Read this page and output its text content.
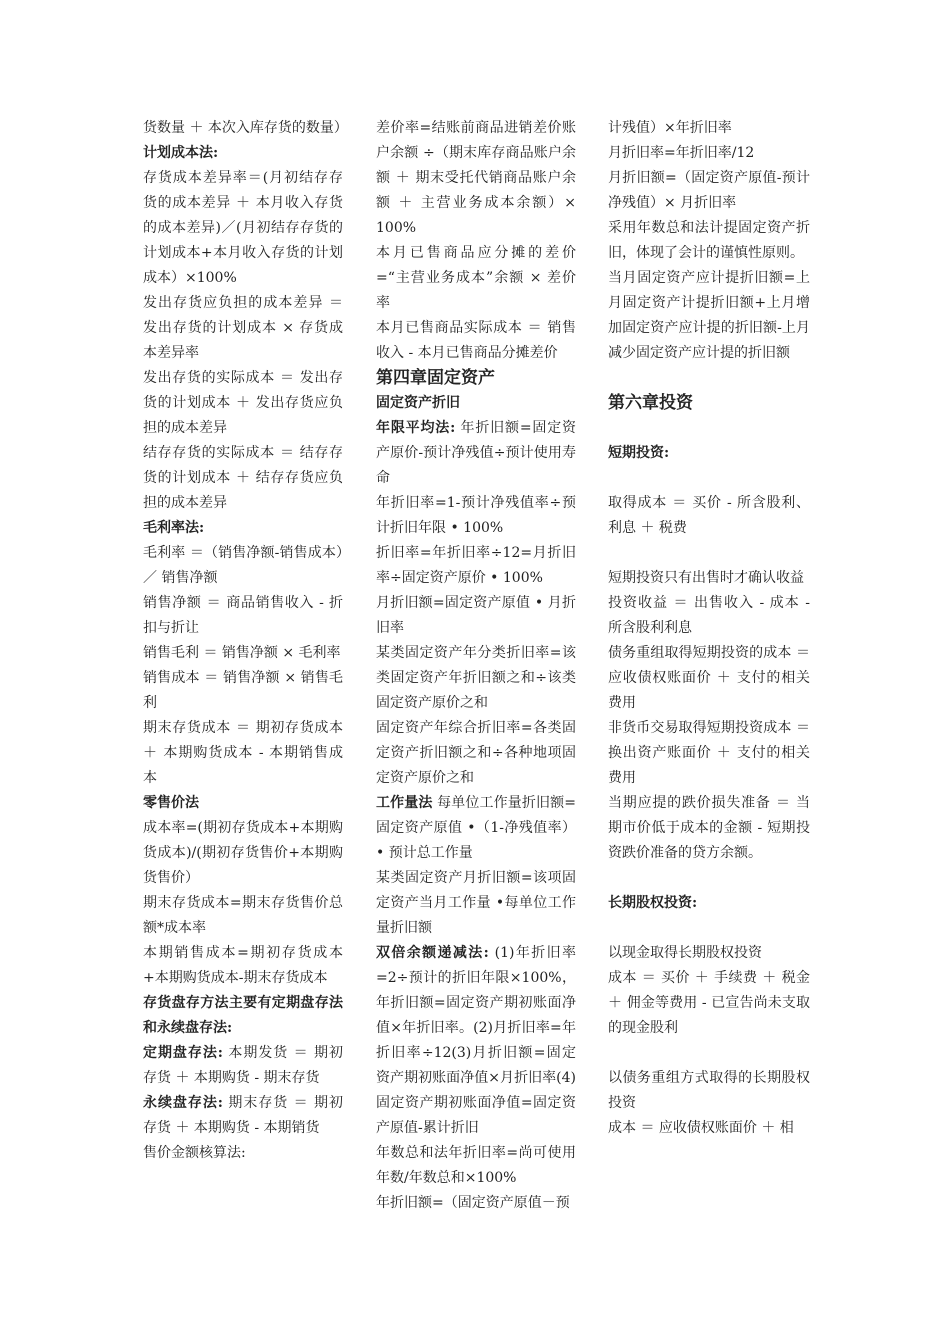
货数量 ＋ 本次入库存货的数量）

计划成本法:

存货成本差异率＝(月初结存存货的成本差异 ＋ 本月收入存货的成本差异)／(月初结存存货的计划成本+本月收入存货的计划成本）×100%

发出存货应负担的成本差异 ＝ 发出存货的计划成本 × 存货成本差异率

发出存货的实际成本 ＝ 发出存货的计划成本 ＋ 发出存货应负担的成本差异

结存存货的实际成本 ＝ 结存存货的计划成本 ＋ 结存存货应负担的成本差异

毛利率法:

毛利率 ＝（销售净额-销售成本）／ 销售净额

销售净额 ＝ 商品销售收入 - 折扣与折让

销售毛利 ＝ 销售净额 × 毛利率

销售成本 ＝ 销售净额 × 销售毛利

期末存货成本 ＝ 期初存货成本 ＋ 本期购货成本 - 本期销售成本

零售价法

成本率=(期初存货成本+本期购货成本)/(期初存货售价+本期购货售价）

期末存货成本=期末存货售价总额*成本率

本期销售成本=期初存货成本+本期购货成本-期末存货成本

存货盘存方法主要有定期盘存法和永续盘存法:

定期盘存法: 本期发货 ＝ 期初存货 ＋ 本期购货 - 期末存货

永续盘存法: 期末存货 ＝ 期初存货 ＋ 本期购货 - 本期销货

售价金额核算法:

差价率=结账前商品进销差价账户余额 ÷（期末库存商品账户余额 ＋ 期末受托代销商品账户余额 ＋ 主营业务成本余额）× 100%

本月已售商品应分摊的差价=“主营业务成本”余额 × 差价率

本月已售商品实际成本 ＝ 销售收入 - 本月已售商品分摊差价

第四章固定资产

固定资产折旧

年限平均法: 年折旧额=固定资产原价-预计净残值÷预计使用寿命

年折旧率=1-预计净残值率÷预计折旧年限 • 100%

折旧率=年折旧率÷12=月折旧率÷固定资产原价 • 100%

月折旧额=固定资产原值 • 月折旧率

某类固定资产年分类折旧率=该类固定资产年折旧额之和÷该类固定资产原价之和

固定资产年综合折旧率=各类固定资产折旧额之和÷各种地项固定资产原价之和

工作量法 每单位工作量折旧额=固定资产原值 •（1-净残值率）• 预计总工作量

某类固定资产月折旧额=该项固定资产当月工作量 •每单位工作量折旧额

双倍余额递减法: (1)年折旧率=2÷预计的折旧年限×100%，年折旧额=固定资产期初账面净值×年折旧率。(2)月折旧率=年折旧率÷12(3)月折旧额=固定资产期初账面净值×月折旧率(4)固定资产期初账面净值=固定资产原值-累计折旧

年数总和法年折旧率=尚可使用年数/年数总和×100%

年折旧额=（固定资产原值－预

计残值）×年折旧率

月折旧率=年折旧率/12

月折旧额=（固定资产原值-预计净残值）× 月折旧率

采用年数总和法计提固定资产折旧，体现了会计的谨慎性原则。

当月固定资产应计提折旧额=上月固定资产计提折旧额+上月增加固定资产应计提的折旧额-上月减少固定资产应计提的折旧额

第六章投资

短期投资:

取得成本 ＝ 买价 - 所含股利、利息 ＋ 税费

短期投资只有出售时才确认收益

投资收益 ＝ 出售收入 - 成本 - 所含股利利息

债务重组取得短期投资的成本 ＝ 应收债权账面价 ＋ 支付的相关费用

非货币交易取得短期投资成本 ＝ 换出资产账面价 ＋ 支付的相关费用

当期应提的跌价损失准备 ＝ 当期市价低于成本的金额 - 短期投资跌价准备的贷方余额。

长期股权投资:

以现金取得长期股权投资

成本 ＝ 买价 ＋ 手续费 ＋ 税金 ＋ 佣金等费用 - 已宣告尚未支取的现金股利

以债务重组方式取得的长期股权投资

成本 ＝ 应收债权账面价 ＋ 相
